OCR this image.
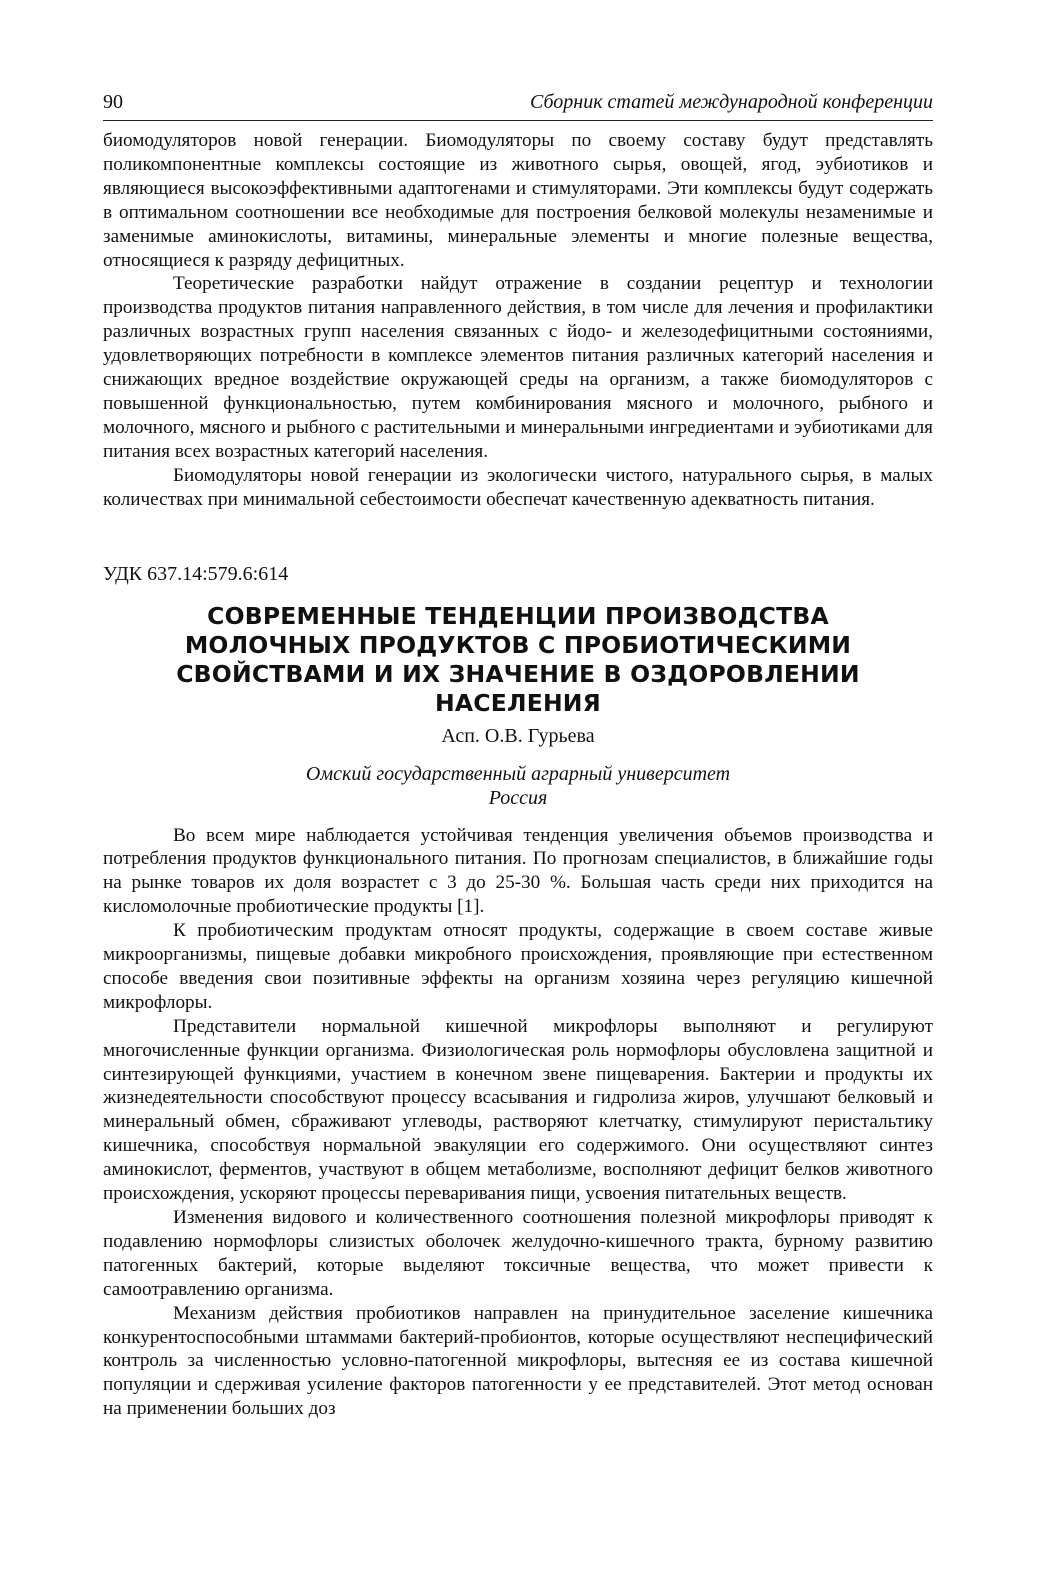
90	Сборник статей международной конференции

биомодуляторов новой генерации. Биомодуляторы по своему составу будут представлять поликомпонентные комплексы состоящие из животного сырья, овощей, ягод, эубиотиков и являющиеся высокоэффективными адаптогенами и стимуляторами. Эти комплексы будут содержать в оптимальном соотношении все необходимые для построения белковой молекулы незаменимые и заменимые аминокислоты, витамины, минеральные элементы и многие полезные вещества, относящиеся к разряду дефицитных.

Теоретические разработки найдут отражение в создании рецептур и технологии производства продуктов питания направленного действия, в том числе для лечения и профилактики различных возрастных групп населения связанных с йодо- и железодефицитными состояниями, удовлетворяющих потребности в комплексе элементов питания различных категорий населения и снижающих вредное воздействие окружающей среды на организм, а также биомодуляторов с повышенной функциональностью, путем комбинирования мясного и молочного, рыбного и молочного, мясного и рыбного с растительными и минеральными ингредиентами и эубиотиками для питания всех возрастных категорий населения.

Биомодуляторы новой генерации из экологически чистого, натурального сырья, в малых количествах при минимальной себестоимости обеспечат качественную адекватность питания.

УДК 637.14:579.6:614
СОВРЕМЕННЫЕ ТЕНДЕНЦИИ ПРОИЗВОДСТВА
МОЛОЧНЫХ ПРОДУКТОВ С ПРОБИОТИЧЕСКИМИ
СВОЙСТВАМИ И ИХ ЗНАЧЕНИЕ В ОЗДОРОВЛЕНИИ
НАСЕЛЕНИЯ
Асп. О.В. Гурьева
Омский государственный аграрный университет
Россия

Во всем мире наблюдается устойчивая тенденция увеличения объемов производства и потребления продуктов функционального питания. По прогнозам специалистов, в ближайшие годы на рынке товаров их доля возрастет с 3 до 25-30 %. Большая часть среди них приходится на кисломолочные пробиотические продукты [1].

К пробиотическим продуктам относят продукты, содержащие в своем составе живые микроорганизмы, пищевые добавки микробного происхождения, проявляющие при естественном способе введения свои позитивные эффекты на организм хозяина через регуляцию кишечной микрофлоры.

Представители нормальной кишечной микрофлоры выполняют и регулируют многочисленные функции организма. Физиологическая роль нормофлоры обусловлена защитной и синтезирующей функциями, участием в конечном звене пищеварения. Бактерии и продукты их жизнедеятельности способствуют процессу всасывания и гидролиза жиров, улучшают белковый и минеральный обмен, сбраживают углеводы, растворяют клетчатку, стимулируют перистальтику кишечника, способствуя нормальной эвакуляции его содержимого. Они осуществляют синтез аминокислот, ферментов, участвуют в общем метаболизме, восполняют дефицит белков животного происхождения, ускоряют процессы переваривания пищи, усвоения питательных веществ.

Изменения видового и количественного соотношения полезной микрофлоры приводят к подавлению нормофлоры слизистых оболочек желудочно-кишечного тракта, бурному развитию патогенных бактерий, которые выделяют токсичные вещества, что может привести к самоотравлению организма.

Механизм действия пробиотиков направлен на принудительное заселение кишечника конкурентоспособными штаммами бактерий-пробионтов, которые осуществляют неспецифический контроль за численностью условно-патогенной микрофлоры, вытесняя ее из состава кишечной популяции и сдерживая усиление факторов патогенности у ее представителей. Этот метод основан на применении больших доз
